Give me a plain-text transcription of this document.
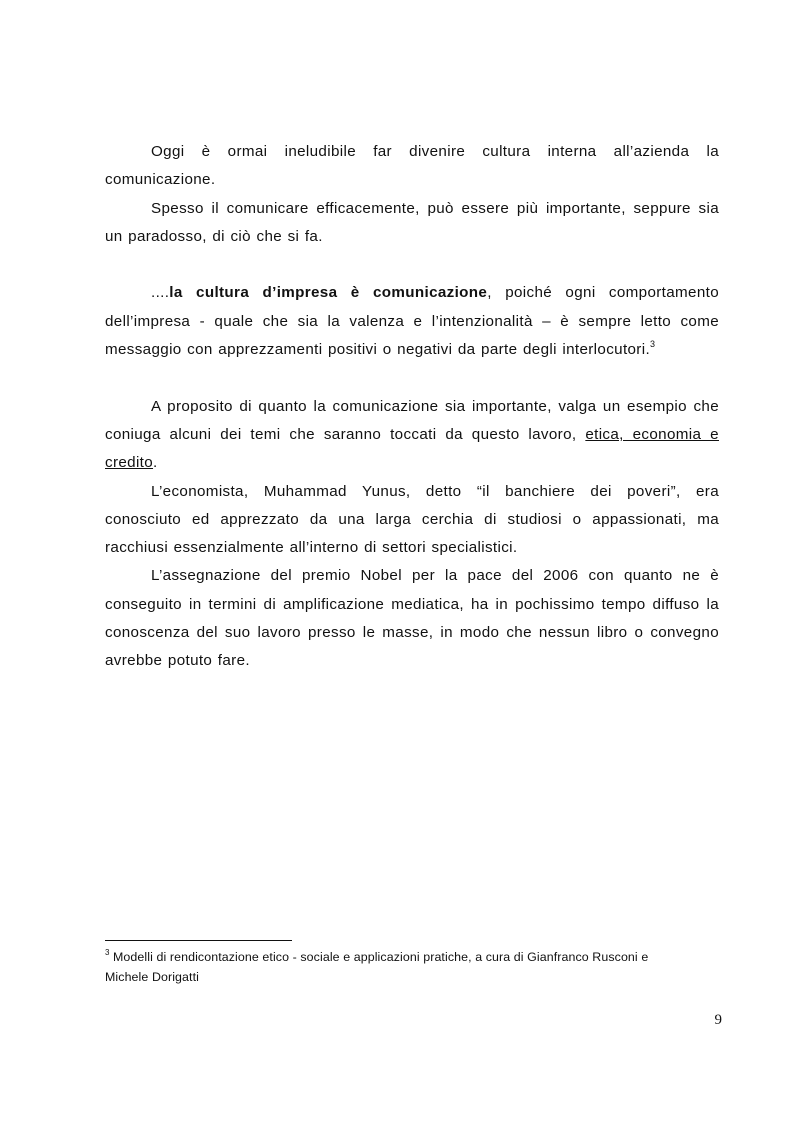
Oggi è ormai ineludibile far divenire cultura interna all’azienda la comunicazione.

Spesso il comunicare efficacemente, può essere più importante, seppure sia un paradosso, di ciò che si fa.

....la cultura d’impresa è comunicazione, poiché ogni comportamento dell’impresa - quale che sia la valenza e l’intenzionalità – è sempre letto come messaggio con apprezzamenti positivi o negativi da parte degli interlocutori.$^3$

A proposito di quanto la comunicazione sia importante, valga un esempio che coniuga alcuni dei temi che saranno toccati da questo lavoro, etica, economia e credito.

L’economista, Muhammad Yunus, detto “il banchiere dei poveri”, era conosciuto ed apprezzato da una larga cerchia di studiosi o appassionati, ma racchiusi essenzialmente all’interno di settori specialistici.

L’assegnazione del premio Nobel per la pace del 2006 con quanto ne è conseguito in termini di amplificazione mediatica, ha in pochissimo tempo diffuso la conoscenza del suo lavoro presso le masse, in modo che nessun libro o convegno avrebbe potuto fare.

$^3$ Modelli di rendicontazione etico - sociale e applicazioni pratiche, a cura di Gianfranco Rusconi e Michele Dorigatti

9
